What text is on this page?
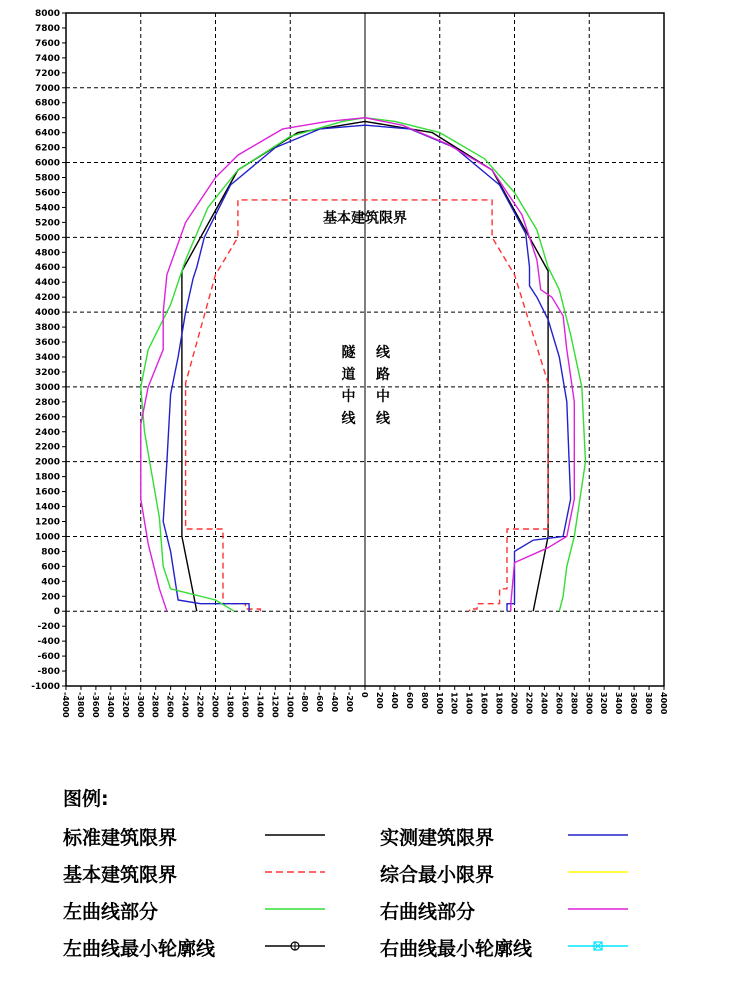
-1000
-800
-600
-400
-200
0
200
400
600
800
1000
1200
1400
1600
1800
2000
2200
2400
2600
2800
3000
3200
3400
3600
3800
4000
4200
4400
4600
4800
5000
5200
5400
5600
5800
6000
6200
6400
6600
6800
7000
7200
7400
7600
7800
8000
-4000 -3800 -3600 -3400 -3200 -3000 -2800 -2600 -2400 -2200 -2000 -1800 -1600 -1400 -1200 -1000 -800 -600 -400 -200 0 200 400 600 800 1000 1200 1400 1600 1800 2000 2200 2400 2600 2800 3000 3200 3400 3600 3800 4000
基本建筑限界
隧
道
中
线
线
路
中
线
图例:
标准建筑限界	实测建筑限界
基本建筑限界	综合最小限界
左曲线部分	右曲线部分
左曲线最小轮廓线	右曲线最小轮廓线
